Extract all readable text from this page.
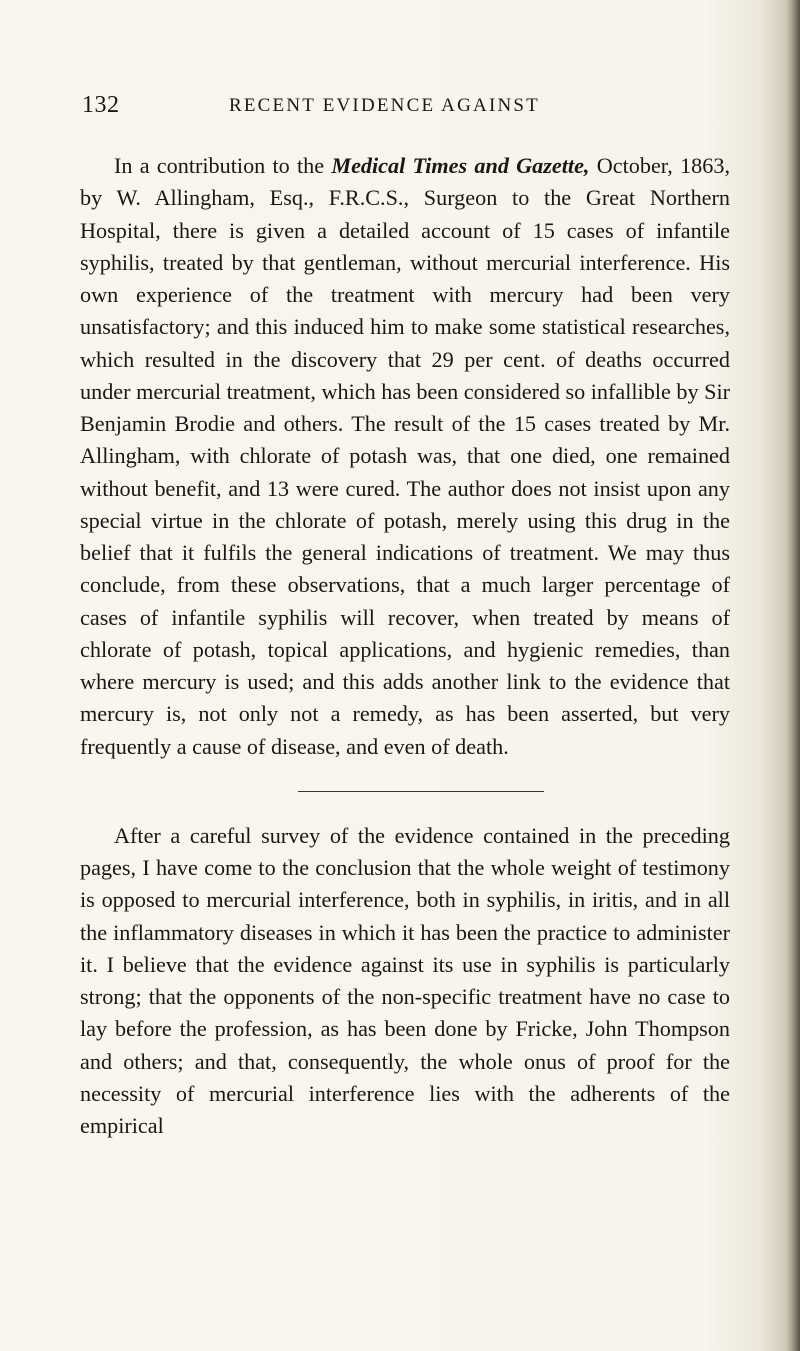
132	RECENT EVIDENCE AGAINST

In a contribution to the Medical Times and Gazette, October, 1863, by W. Allingham, Esq., F.R.C.S., Surgeon to the Great Northern Hospital, there is given a detailed account of 15 cases of infantile syphilis, treated by that gentleman, without mercurial interference. His own experience of the treatment with mercury had been very unsatisfactory; and this induced him to make some statistical researches, which resulted in the discovery that 29 per cent. of deaths occurred under mercurial treatment, which has been considered so infallible by Sir Benjamin Brodie and others. The result of the 15 cases treated by Mr. Allingham, with chlorate of potash was, that one died, one remained without benefit, and 13 were cured. The author does not insist upon any special virtue in the chlorate of potash, merely using this drug in the belief that it fulfils the general indications of treatment. We may thus conclude, from these observations, that a much larger percentage of cases of infantile syphilis will recover, when treated by means of chlorate of potash, topical applications, and hygienic remedies, than where mercury is used; and this adds another link to the evidence that mercury is, not only not a remedy, as has been asserted, but very frequently a cause of disease, and even of death.

After a careful survey of the evidence contained in the preceding pages, I have come to the conclusion that the whole weight of testimony is opposed to mercurial interference, both in syphilis, in iritis, and in all the inflammatory diseases in which it has been the practice to administer it. I believe that the evidence against its use in syphilis is particularly strong; that the opponents of the non-specific treatment have no case to lay before the profession, as has been done by Fricke, John Thompson and others; and that, consequently, the whole onus of proof for the necessity of mercurial interference lies with the adherents of the empirical
